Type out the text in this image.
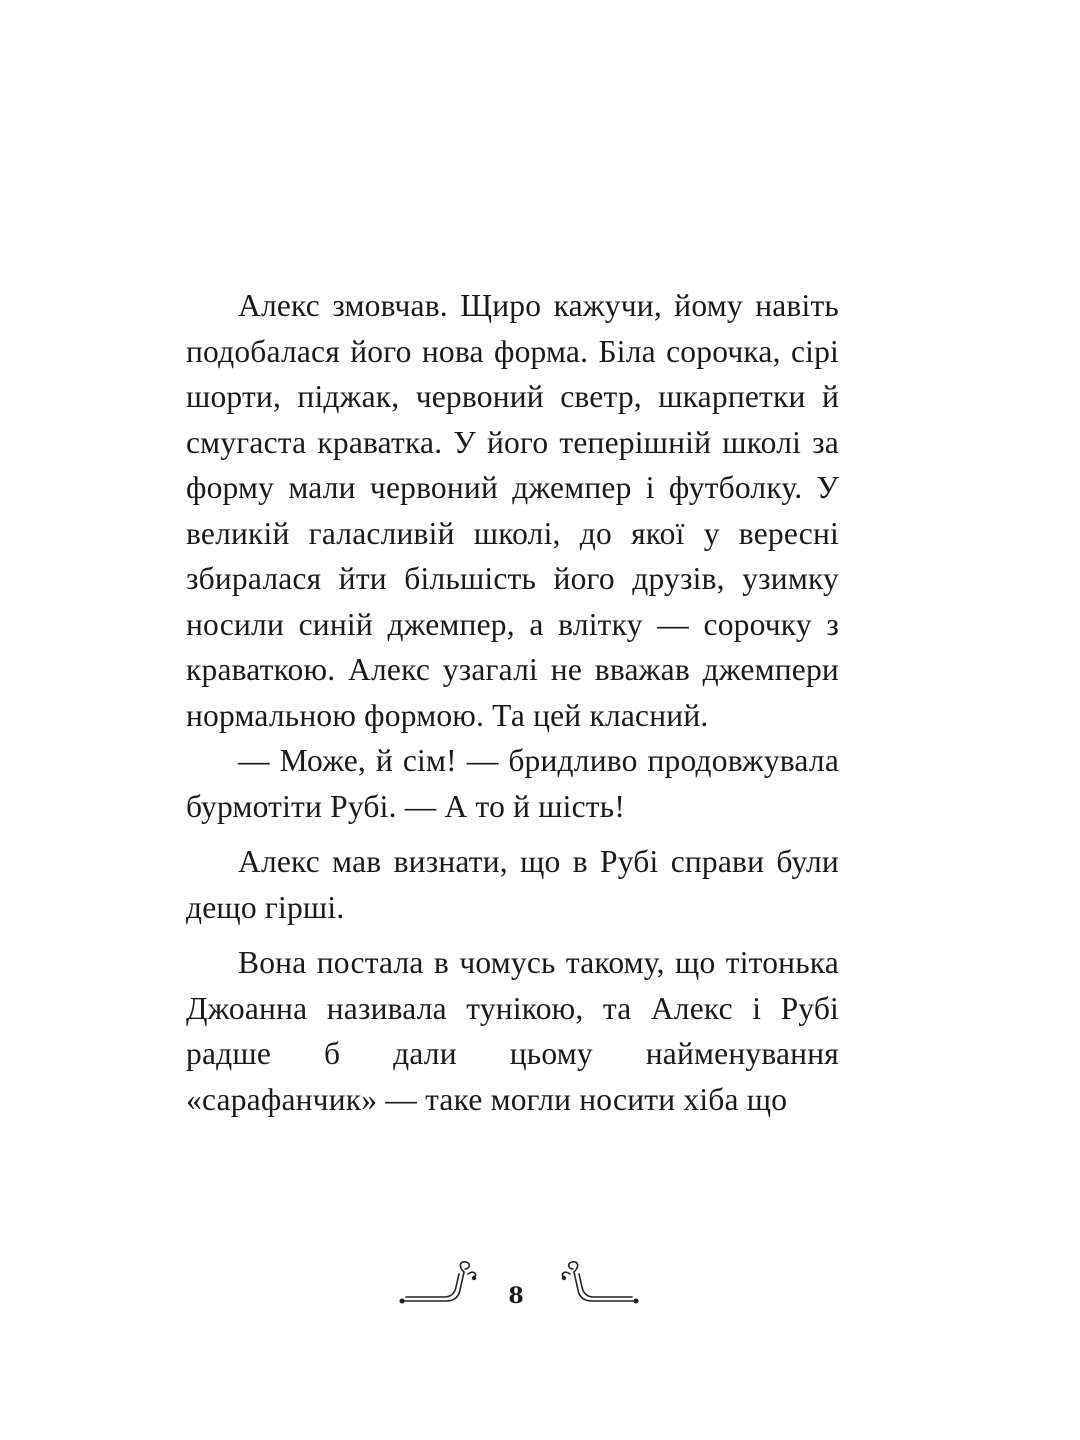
Алекс змовчав. Щиро кажучи, йому навіть подобалася його нова форма. Біла сорочка, сірі шорти, піджак, червоний светр, шкарпетки й смугаста краватка. У його теперішній школі за форму мали червоний джемпер і футболку. У великій галасливій школі, до якої у вересні збиралася йти більшість його друзів, узимку носили синій джемпер, а влітку — сорочку з краваткою. Алекс узагалі не вважав джемпери нормальною формою. Та цей класний.

— Може, й сім! — бридливо продовжувала бурмотіти Рубі. — А то й шість!

Алекс мав визнати, що в Рубі справи були дещо гірші.

Вона постала в чомусь такому, що тітонька Джоанна називала тунікою, та Алекс і Рубі радше б дали цьому найменування «сарафанчик» — таке могли носити хіба що

8
